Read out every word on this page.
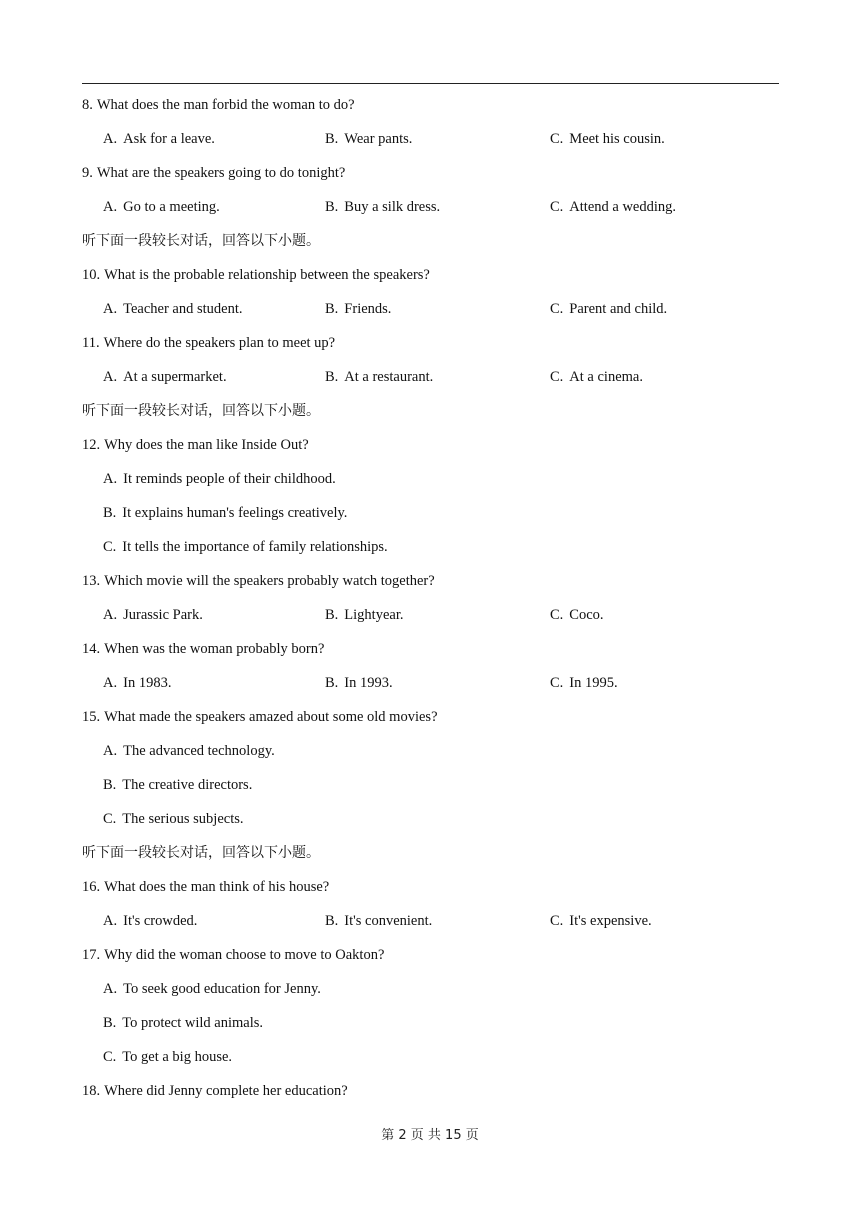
8. What does the man forbid the woman to do?
A. Ask for a leave.	B. Wear pants.	C. Meet his cousin.
9. What are the speakers going to do tonight?
A. Go to a meeting.	B. Buy a silk dress.	C. Attend a wedding.
听下面一段较长对话，回答以下小题。
10. What is the probable relationship between the speakers?
A. Teacher and student.	B. Friends.	C. Parent and child.
11. Where do the speakers plan to meet up?
A. At a supermarket.	B. At a restaurant.	C. At a cinema.
听下面一段较长对话，回答以下小题。
12. Why does the man like Inside Out?
A. It reminds people of their childhood.
B. It explains human's feelings creatively.
C. It tells the importance of family relationships.
13. Which movie will the speakers probably watch together?
A. Jurassic Park.	B. Lightyear.	C. Coco.
14. When was the woman probably born?
A. In 1983.	B. In 1993.	C. In 1995.
15. What made the speakers amazed about some old movies?
A. The advanced technology.
B. The creative directors.
C. The serious subjects.
听下面一段较长对话，回答以下小题。
16. What does the man think of his house?
A. It's crowded.	B. It's convenient.	C. It's expensive.
17. Why did the woman choose to move to Oakton?
A. To seek good education for Jenny.
B. To protect wild animals.
C. To get a big house.
18. Where did Jenny complete her education?
第 2 页 共 15 页
